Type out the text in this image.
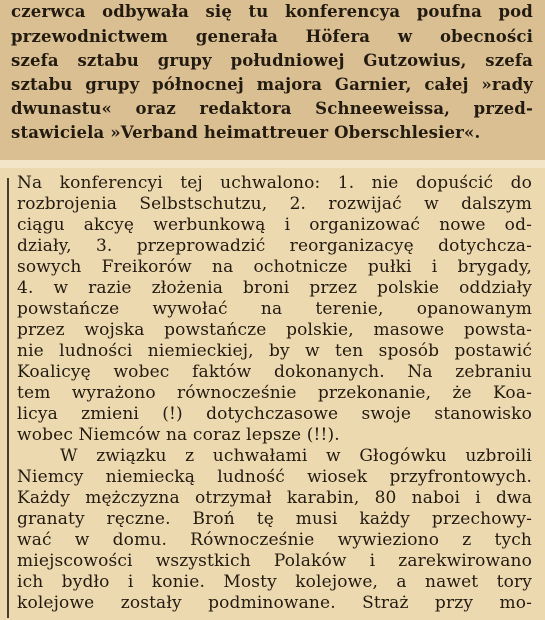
czerwca odbywała się tu konferencya poufna pod
przewodnictwem generała Höfera w obecności
szefa sztabu grupy południowej Gutzowius, szefa
sztabu grupy północnej majora Garnier, całej »rady
dwunastu« oraz redaktora Schneeweissa, przed-
stawiciela »Verband heimattreuer Oberschlesier«.
Na konferencyi tej uchwalono: 1. nie dopuścić do
rozbrojenia Selbstschutzu, 2. rozwijać w dalszym
ciągu akcyę werbunkową i organizować nowe od-
działy, 3. przeprowadzić reorganizacyę dotychcza-
sowych Freikorów na ochotnicze pułki i brygady,
4. w razie złożenia broni przez polskie oddziały
powstańcze wywołać na terenie, opanowanym
przez wojska powstańcze polskie, masowe powsta-
nie ludności niemieckiej, by w ten sposób postawić
Koalicyę wobec faktów dokonanych. Na zebraniu
tem wyrażono równocześnie przekonanie, że Koa-
licya zmieni (!) dotychczasowe swoje stanowisko
wobec Niemców na coraz lepsze (!!).
W związku z uchwałami w Głogówku uzbroili
Niemcy niemiecką ludność wiosek przyfrontowych.
Każdy mężczyzna otrzymał karabin, 80 naboi i dwa
granaty ręczne. Broń tę musi każdy przechowy-
wać w domu. Równocześnie wywieziono z tych
miejscowości wszystkich Polaków i zarekwirowano
ich bydło i konie. Mosty kolejowe, a nawet tory
kolejowe zostały podminowane. Straż przy mo-
